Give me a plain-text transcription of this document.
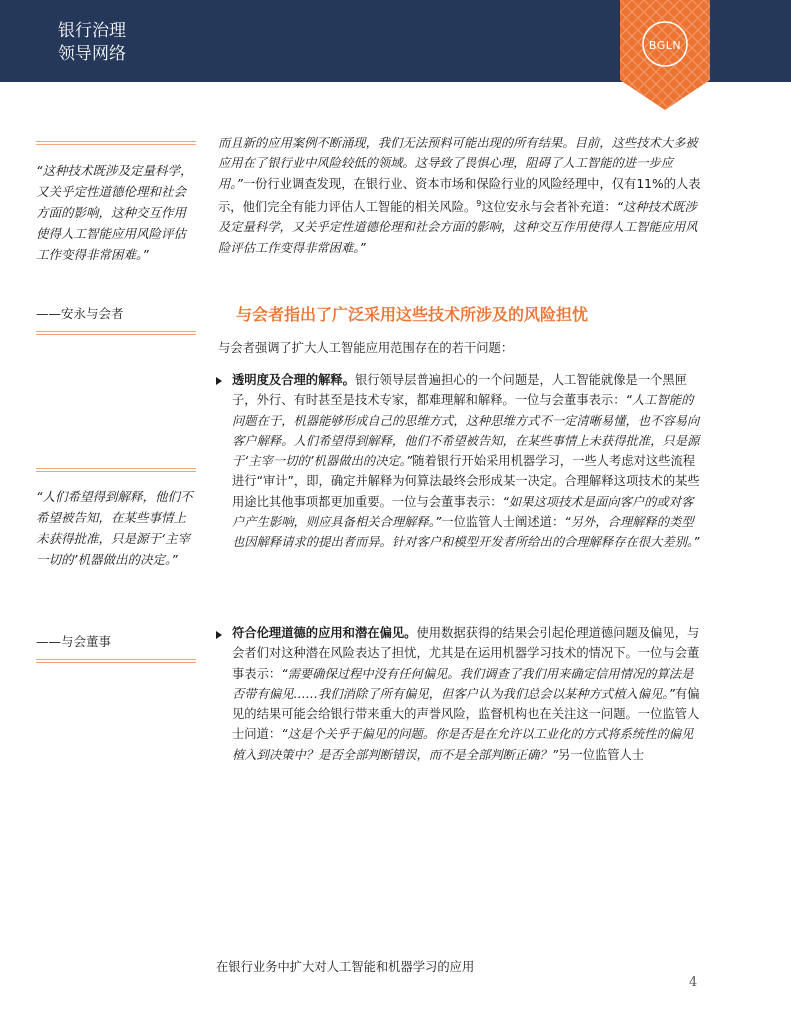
银行治理
领导网络	BGLN
“这种技术既涉及定量科学，又关乎定性道德伦理和社会方面的影响，这种交互作用使得人工智能应用风险评估工作变得非常困难。”
——安永与会者
“人们希望得到解释，他们不希望被告知，在某些事情上未获得批准，只是源于‘主宰一切的’机器做出的决定。”
——与会董事
而且新的应用案例不断涌现，我们无法预料可能出现的所有结果。目前，这些技术大多被应用在了银行业中风险较低的领域。这导致了畏惧心理，阻碍了人工智能的进一步应用。”一份行业调查发现，在银行业、资本市场和保险行业的风险经理中，仅有11%的人表示，他们完全有能力评估人工智能的相关风险。$^9$这位安永与会者补充道：“这种技术既涉及定量科学，又关乎定性道德伦理和社会方面的影响，这种交互作用使得人工智能应用风险评估工作变得非常困难。”
与会者指出了广泛采用这些技术所涉及的风险担忧
与会者强调了扩大人工智能应用范围存在的若干问题：
透明度及合理的解释。银行领导层普遍担心的一个问题是，人工智能就像是一个黑匣子，外行、有时甚至是技术专家，都难理解和解释。一位与会董事表示：“人工智能的问题在于，机器能够形成自己的思维方式，这种思维方式不一定清晰易懂，也不容易向客户解释。人们希望得到解释，他们不希望被告知，在某些事情上未获得批准，只是源于‘主宰一切的’机器做出的决定。”随着银行开始采用机器学习，一些人考虑对这些流程进行“审计”，即，确定并解释为何算法最终会形成某一决定。合理解释这项技术的某些用途比其他事项都更加重要。一位与会董事表示：“如果这项技术是面向客户的或对客户产生影响，则应具备相关合理解释。”一位监管人士阐述道：“另外，合理解释的类型也因解释请求的提出者而异。针对客户和模型开发者所给出的合理解释存在很大差别。”
符合伦理道德的应用和潜在偏见。使用数据获得的结果会引起伦理道德问题及偏见，与会者们对这种潜在风险表达了担忧，尤其是在运用机器学习技术的情况下。一位与会董事表示：“需要确保过程中没有任何偏见。我们调查了我们用来确定信用情况的算法是否带有偏见……我们消除了所有偏见，但客户认为我们总会以某种方式植入偏见。”有偏见的结果可能会给银行带来重大的声誉风险，监督机构也在关注这一问题。一位监管人士问道：“这是个关乎于偏见的问题。你是否是在允许以工业化的方式将系统性的偏见植入到决策中？是否全部判断错误，而不是全部判断正确？”另一位监管人士
在银行业务中扩大对人工智能和机器学习的应用
4
